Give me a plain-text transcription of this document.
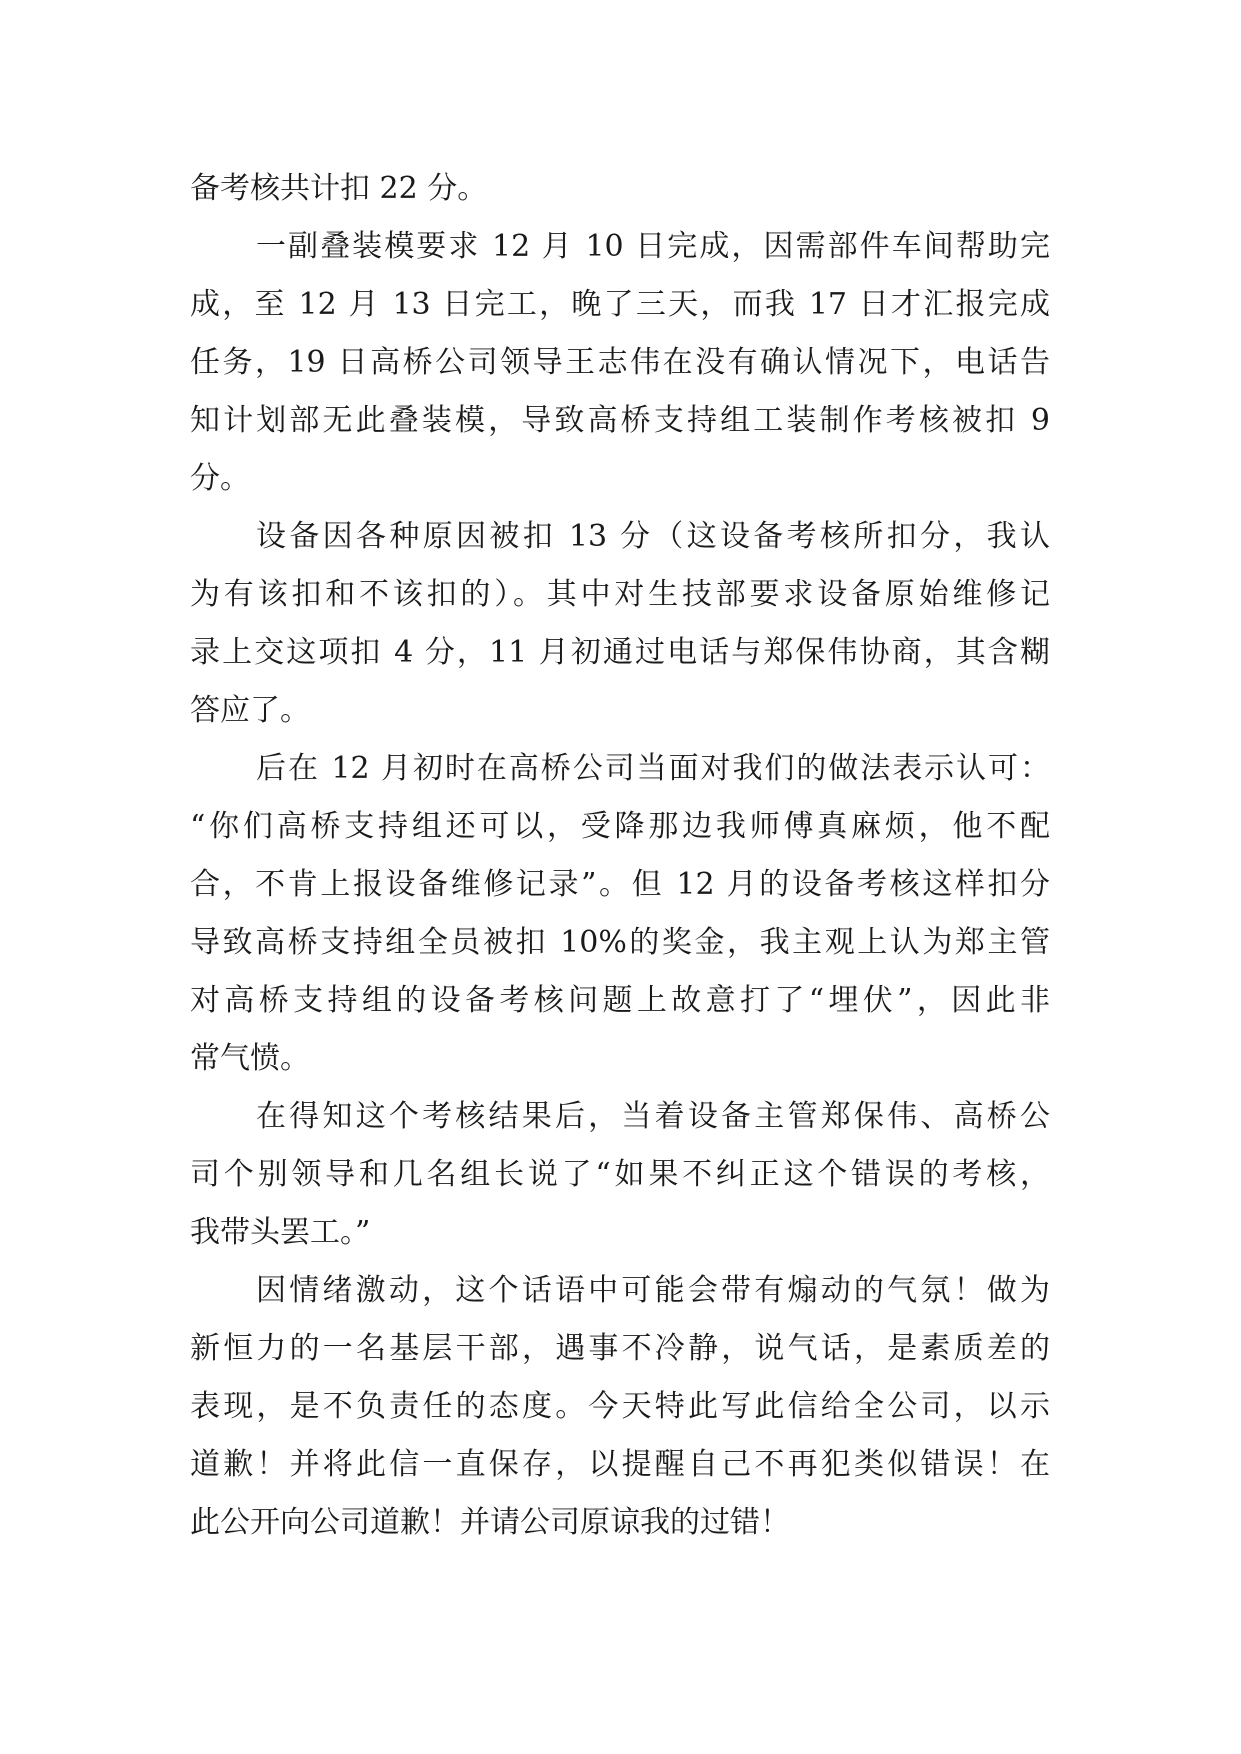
备考核共计扣 22 分。
一副叠装模要求 12 月 10 日完成，因需部件车间帮助完
成，至 12 月 13 日完工，晚了三天，而我 17 日才汇报完成
任务，19 日高桥公司领导王志伟在没有确认情况下，电话告
知计划部无此叠装模，导致高桥支持组工装制作考核被扣 9
分。
设备因各种原因被扣 13 分（这设备考核所扣分，我认
为有该扣和不该扣的）。其中对生技部要求设备原始维修记
录上交这项扣 4 分，11 月初通过电话与郑保伟协商，其含糊
答应了。
后在 12 月初时在高桥公司当面对我们的做法表示认可：
“你们高桥支持组还可以，受降那边我师傅真麻烦，他不配
合，不肯上报设备维修记录”。但 12 月的设备考核这样扣分
导致高桥支持组全员被扣 10%的奖金，我主观上认为郑主管
对高桥支持组的设备考核问题上故意打了“埋伏”，因此非
常气愤。
在得知这个考核结果后，当着设备主管郑保伟、高桥公
司个别领导和几名组长说了“如果不纠正这个错误的考核，
我带头罢工。”
因情绪激动，这个话语中可能会带有煽动的气氛！做为
新恒力的一名基层干部，遇事不冷静，说气话，是素质差的
表现，是不负责任的态度。今天特此写此信给全公司，以示
道歉！并将此信一直保存，以提醒自己不再犯类似错误！在
此公开向公司道歉！并请公司原谅我的过错！
